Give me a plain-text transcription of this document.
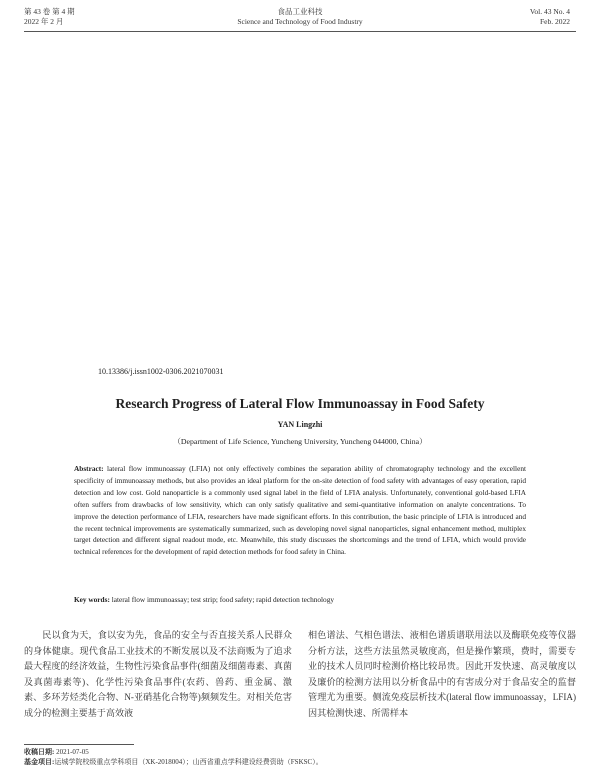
第 43 卷 第 4 期
2022 年 2 月
食品工业科技
Science and Technology of Food Industry
Vol. 43 No. 4
Feb. 2022
10.13386/j.issn1002-0306.2021070031
Research Progress of Lateral Flow Immunoassay in Food Safety
YAN Lingzhi
（Department of Life Science, Yuncheng University, Yuncheng 044000, China）
Abstract: lateral flow immunoassay (LFIA) not only effectively combines the separation ability of chromatography technology and the excellent specificity of immunoassay methods, but also provides an ideal platform for the on-site detection of food safety with advantages of easy operation, rapid detection and low cost. Gold nanoparticle is a commonly used signal label in the field of LFIA analysis. Unfortunately, conventional gold-based LFIA often suffers from drawbacks of low sensitivity, which can only satisfy qualitative and semi-quantitative information on analyte concentrations. To improve the detection performance of LFIA, researchers have made significant efforts. In this contribution, the basic principle of LFIA is introduced and the recent technical improvements are systematically summarized, such as developing novel signal nanoparticles, signal enhancement method, multiplex target detection and different signal readout mode, etc. Meanwhile, this study discusses the shortcomings and the trend of LFIA, which would provide technical references for the development of rapid detection methods for food safety in China.
Key words: lateral flow immunoassay; test strip; food safety; rapid detection technology
民以食为天，食以安为先，食品的安全与否直接关系人民群众的身体健康。现代食品工业技术的不断发展以及不法商贩为了追求最大程度的经济效益，生物性污染食品事件(细菌及细菌毒素、真菌及真菌毒素等)、化学性污染食品事件(农药、兽药、重金属、激素、多环芳烃类化合物、N-亚硝基化合物等)频频发生。对相关危害成分的检测主要基于高效液
相色谱法、气相色谱法、液相色谱质谱联用法以及酶联免疫等仪器分析方法，这些方法虽然灵敏度高，但是操作繁琐，费时，需要专业的技术人员同时检测价格比较昂贵。因此开发快速、高灵敏度以及廉价的检测方法用以分析食品中的有害成分对于食品安全的监督管理尤为重要。侧流免疫层析技术(lateral flow immunoassay，LFIA)因其检测快速、所需样本
收稿日期: 2021-07-05
基金项目:运城学院校级重点学科项目（XK-2018004）；山西省重点学科建设经费资助（FSKSC）。
